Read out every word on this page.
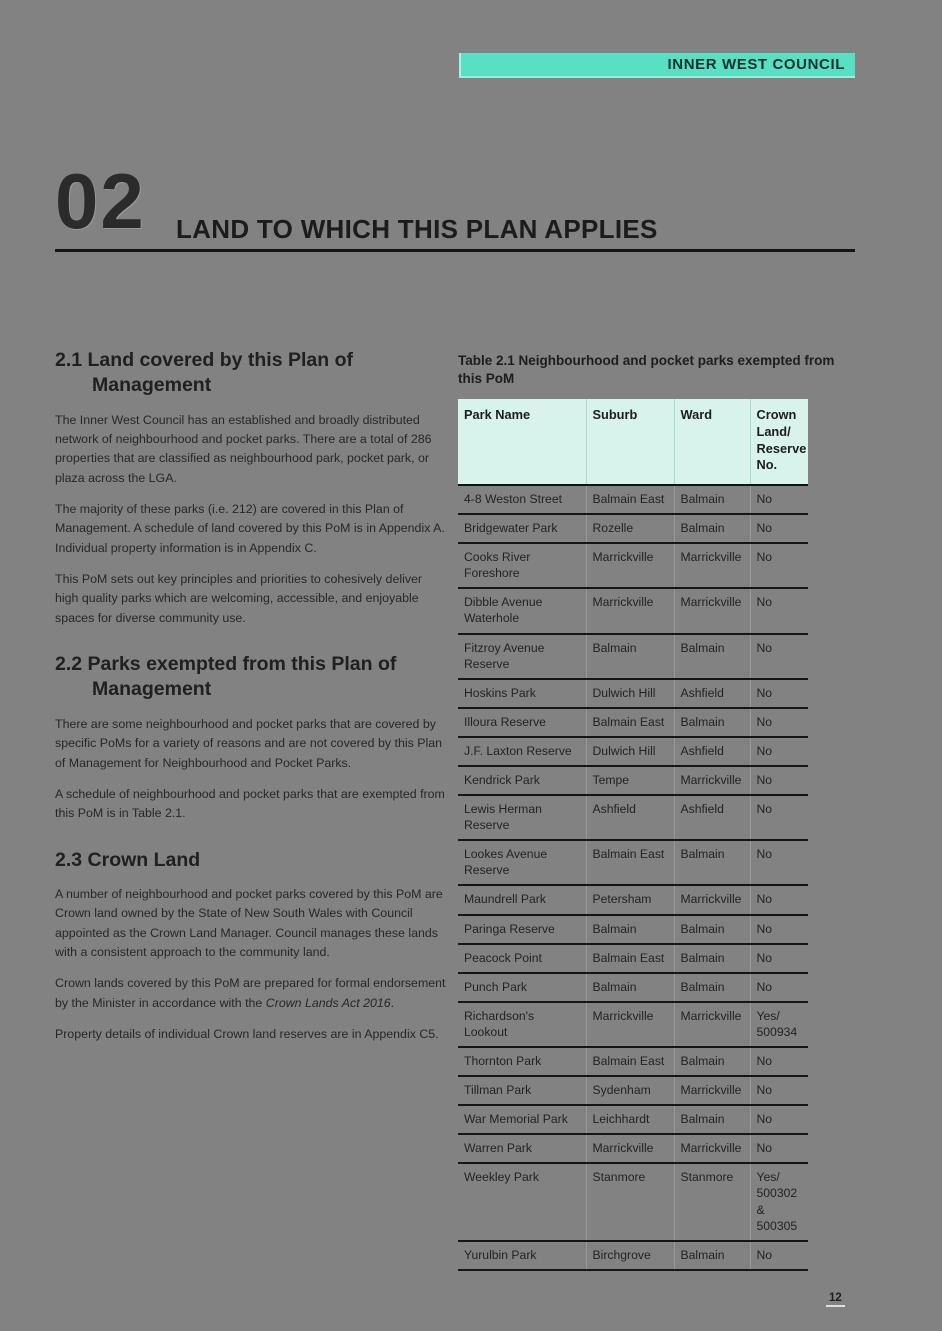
INNER WEST COUNCIL
02 LAND TO WHICH THIS PLAN APPLIES
2.1 Land covered by this Plan of Management

The Inner West Council has an established and broadly distributed network of neighbourhood and pocket parks. There are a total of 286 properties that are classified as neighbourhood park, pocket park, or plaza across the LGA.

The majority of these parks (i.e. 212) are covered in this Plan of Management. A schedule of land covered by this PoM is in Appendix A. Individual property information is in Appendix C.

This PoM sets out key principles and priorities to cohesively deliver high quality parks which are welcoming, accessible, and enjoyable spaces for diverse community use.

2.2 Parks exempted from this Plan of Management

There are some neighbourhood and pocket parks that are covered by specific PoMs for a variety of reasons and are not covered by this Plan of Management for Neighbourhood and Pocket Parks.

A schedule of neighbourhood and pocket parks that are exempted from this PoM is in Table 2.1.

2.3 Crown Land

A number of neighbourhood and pocket parks covered by this PoM are Crown land owned by the State of New South Wales with Council appointed as the Crown Land Manager. Council manages these lands with a consistent approach to the community land.

Crown lands covered by this PoM are prepared for formal endorsement by the Minister in accordance with the Crown Lands Act 2016.

Property details of individual Crown land reserves are in Appendix C5.

Table 2.1 Neighbourhood and pocket parks exempted from this PoM
Park Name	Suburb	Ward	Crown Land/ Reserve No.
4-8 Weston Street	Balmain East	Balmain	No
Bridgewater Park	Rozelle	Balmain	No
Cooks River Foreshore	Marrickville	Marrickville	No
Dibble Avenue Waterhole	Marrickville	Marrickville	No
Fitzroy Avenue Reserve	Balmain	Balmain	No
Hoskins Park	Dulwich Hill	Ashfield	No
Illoura Reserve	Balmain East	Balmain	No
J.F. Laxton Reserve	Dulwich Hill	Ashfield	No
Kendrick Park	Tempe	Marrickville	No
Lewis Herman Reserve	Ashfield	Ashfield	No
Lookes Avenue Reserve	Balmain East	Balmain	No
Maundrell Park	Petersham	Marrickville	No
Paringa Reserve	Balmain	Balmain	No
Peacock Point	Balmain East	Balmain	No
Punch Park	Balmain	Balmain	No
Richardson's Lookout	Marrickville	Marrickville	Yes/ 500934
Thornton Park	Balmain East	Balmain	No
Tillman Park	Sydenham	Marrickville	No
War Memorial Park	Leichhardt	Balmain	No
Warren Park	Marrickville	Marrickville	No
Weekley Park	Stanmore	Stanmore	Yes/ 500302 & 500305
Yurulbin Park	Birchgrove	Balmain	No
12
